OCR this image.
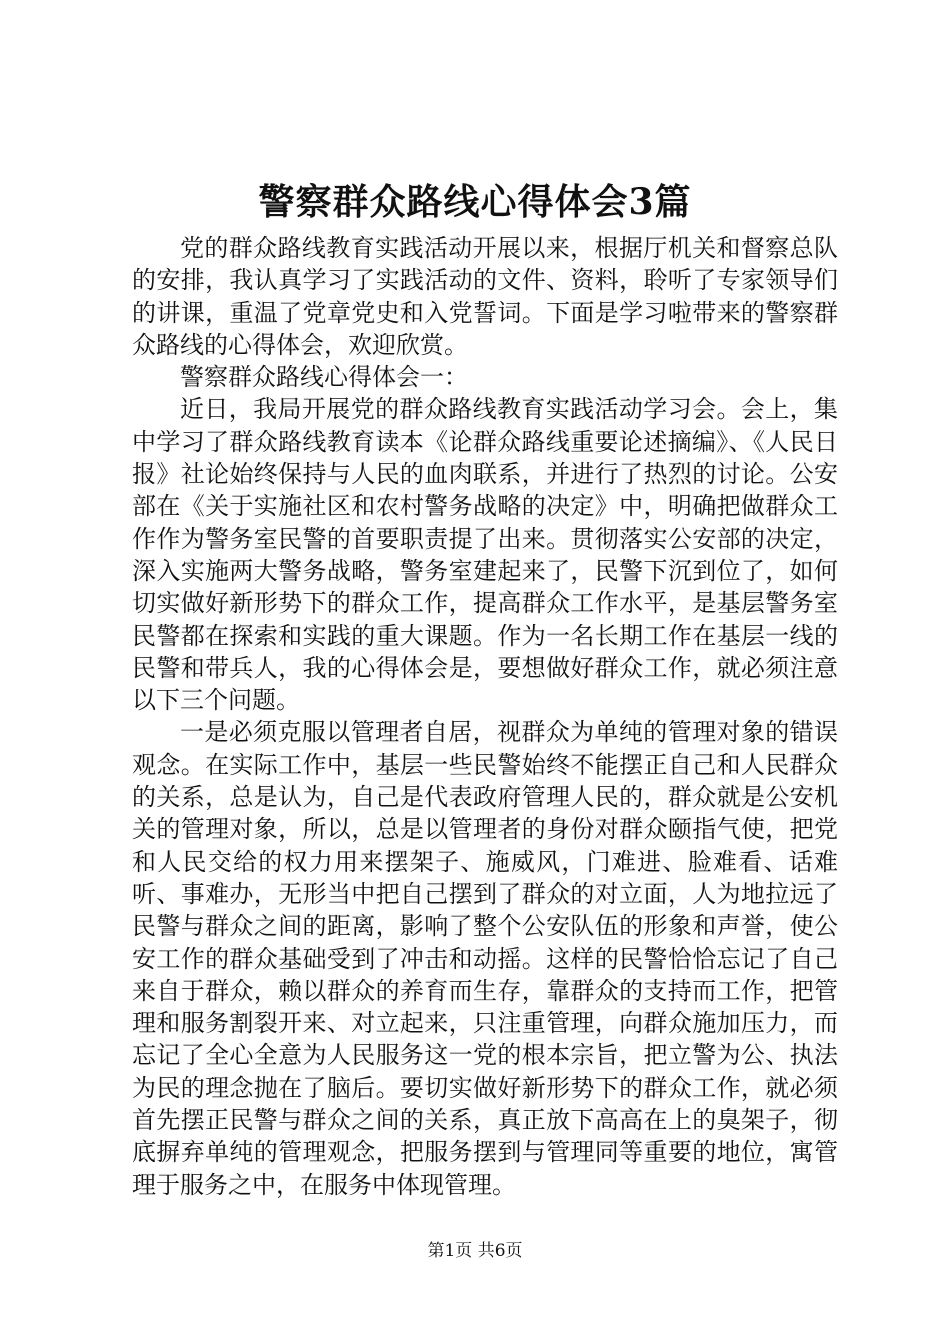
警察群众路线心得体会3篇

党的群众路线教育实践活动开展以来，根据厅机关和督察总队的安排，我认真学习了实践活动的文件、资料，聆听了专家领导们的讲课，重温了党章党史和入党誓词。下面是学习啦带来的警察群众路线的心得体会，欢迎欣赏。

警察群众路线心得体会一：

近日，我局开展党的群众路线教育实践活动学习会。会上，集中学习了群众路线教育读本《论群众路线重要论述摘编》、《人民日报》社论始终保持与人民的血肉联系，并进行了热烈的讨论。公安部在《关于实施社区和农村警务战略的决定》中，明确把做群众工作作为警务室民警的首要职责提了出来。贯彻落实公安部的决定，深入实施两大警务战略，警务室建起来了，民警下沉到位了，如何切实做好新形势下的群众工作，提高群众工作水平，是基层警务室民警都在探索和实践的重大课题。作为一名长期工作在基层一线的民警和带兵人，我的心得体会是，要想做好群众工作，就必须注意以下三个问题。

一是必须克服以管理者自居，视群众为单纯的管理对象的错误观念。在实际工作中，基层一些民警始终不能摆正自己和人民群众的关系，总是认为，自己是代表政府管理人民的，群众就是公安机关的管理对象，所以，总是以管理者的身份对群众颐指气使，把党和人民交给的权力用来摆架子、施威风，门难进、脸难看、话难听、事难办，无形当中把自己摆到了群众的对立面，人为地拉远了民警与群众之间的距离，影响了整个公安队伍的形象和声誉，使公安工作的群众基础受到了冲击和动摇。这样的民警恰恰忘记了自己来自于群众，赖以群众的养育而生存，靠群众的支持而工作，把管理和服务割裂开来、对立起来，只注重管理，向群众施加压力，而忘记了全心全意为人民服务这一党的根本宗旨，把立警为公、执法为民的理念抛在了脑后。要切实做好新形势下的群众工作，就必须首先摆正民警与群众之间的关系，真正放下高高在上的臭架子，彻底摒弃单纯的管理观念，把服务摆到与管理同等重要的地位，寓管理于服务之中，在服务中体现管理。

第1页 共6页
